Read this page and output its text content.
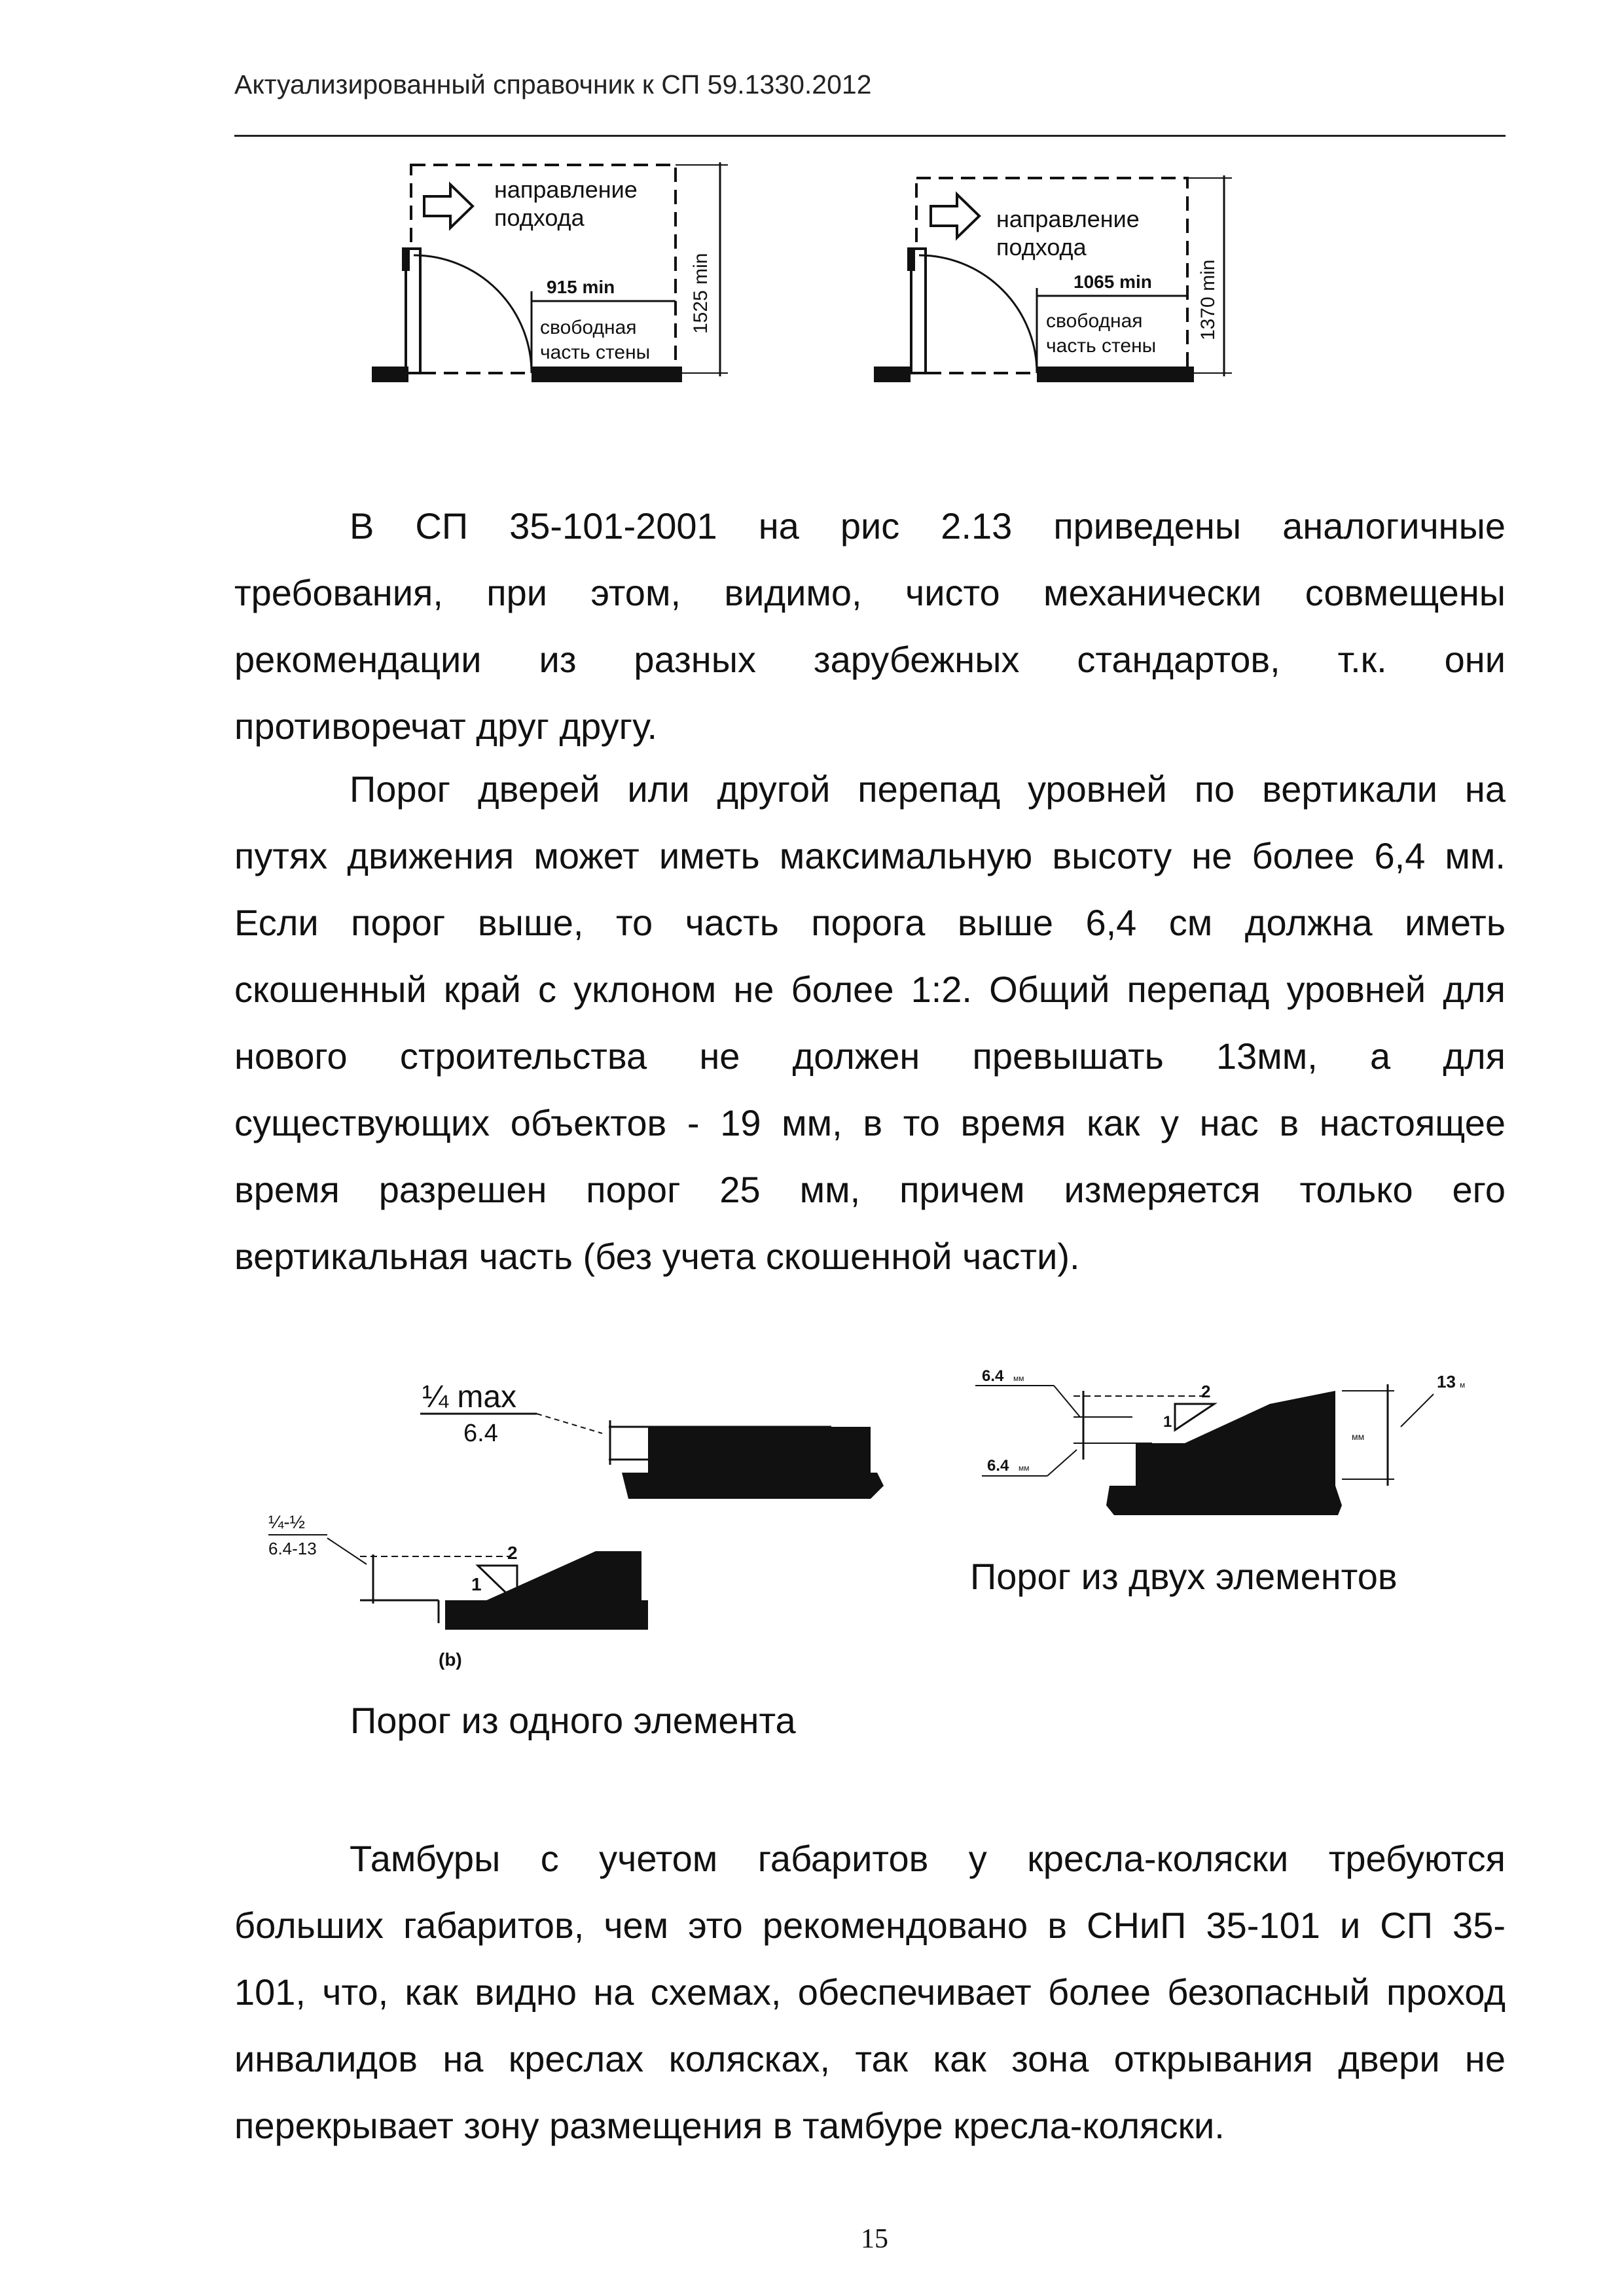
Актуализированный справочник к СП 59.1330.2012
направление
подхода
915 min
свободная
часть стены
1525 min
направление
подхода
1065 min
свободная
часть стены
1370 min
В СП 35-101-2001 на рис 2.13 приведены аналогичные
требования, при этом, видимо, чисто механически совмещены
рекомендации из разных зарубежных стандартов, т.к. они
противоречат друг другу.
Порог дверей или другой перепад уровней по вертикали на
путях движения может иметь максимальную высоту не более 6,4 мм.
Если порог выше, то часть порога выше 6,4 см должна иметь
скошенный край с уклоном не более 1:2. Общий перепад уровней для
нового строительства не должен превышать 13мм, а для
существующих объектов - 19 мм, в то время как у нас в настоящее
время разрешен порог 25 мм, причем измеряется только его
вертикальная часть (без учета скошенной части).
¼ max
6.4
¼-½
6.4-13	2
1
(b)
6.4 мм
2
1
6.4 мм
мм
13 м
Порог из двух элементов
Порог из одного элемента
Тамбуры с учетом габаритов у кресла-коляски требуются
больших габаритов, чем это рекомендовано в СНиП 35-101 и СП 35-
101, что, как видно на схемах, обеспечивает более безопасный проход
инвалидов на креслах колясках, так как зона открывания двери не
перекрывает зону размещения в тамбуре кресла-коляски.
15
